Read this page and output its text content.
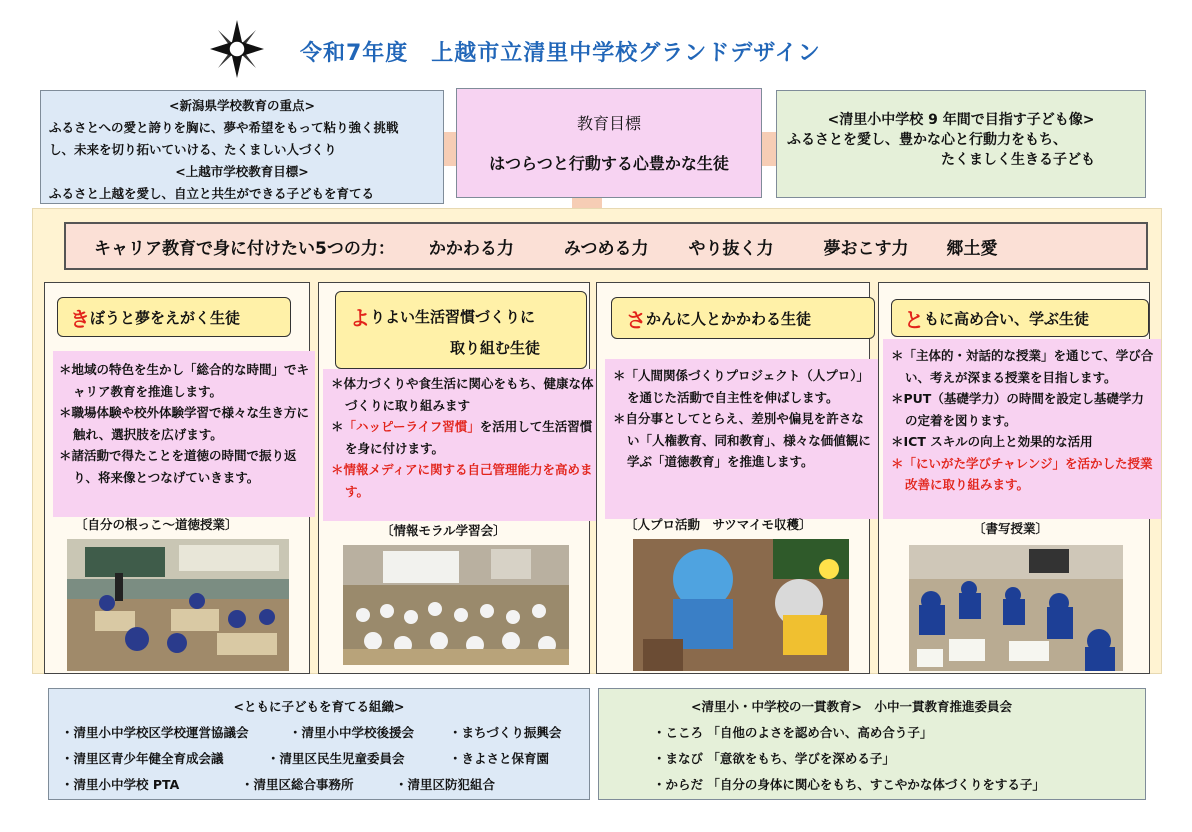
令和7年度　上越市立清里中学校グランドデザイン
<新潟県学校教育の重点>
ふるさとへの愛と誇りを胸に、夢や希望をもって粘り強く挑戦
し、未来を切り拓いていける、たくましい人づくり
<上越市学校教育目標>
ふるさと上越を愛し、自立と共生ができる子どもを育てる
教育目標
はつらつと行動する心豊かな生徒
<清里小中学校 9 年間で目指す子ども像>
ふるさとを愛し、豊かな心と行動力をもち、
たくましく生きる子ども
キャリア教育で身に付けたい5つの力： かかわる力	みつめる力 やり抜く力	夢おこす力 郷土愛
き ぼうと夢をえがく生徒

＊地域の特色を生かし「総合的な時間」でキャリア教育を推進します。

＊職場体験や校外体験学習で様々な生き方に触れ、選択肢を広げます。

＊諸活動で得たことを道徳の時間で振り返り、将来像とつなげていきます。

〔自分の根っこ～道徳授業〕
よ りよい生活習慣づくりに
取り組む生徒

＊体力づくりや食生活に関心をもち、健康な体づくりに取り組みます

＊「ハッピーライフ習慣」を活用して生活習慣を身に付けます。

＊情報メディアに関する自己管理能力を高めます。

〔情報モラル学習会〕
さ かんに人とかかわる生徒

＊「人間関係づくりプロジェクト（人プロ）」を通じた活動で自主性を伸ばします。

＊自分事としてとらえ、差別や偏見を許さない「人権教育、同和教育」、様々な価値観に学ぶ「道徳教育」を推進します。

〔人プロ活動　サツマイモ収穫〕
と もに高め合い、学ぶ生徒

＊「主体的・対話的な授業」を通じて、学び合い、考えが深まる授業を目指します。

＊PUT（基礎学力）の時間を設定し基礎学力の定着を図ります。

＊ICT スキルの向上と効果的な活用

＊「にいがた学びチャレンジ」を活かした授業改善に取り組みます。

〔書写授業〕
<ともに子どもを育てる組織>
・清里小中学校区学校運営協議会	・清里小中学校後援会	・まちづくり振興会
・清里区青少年健全育成会議	・清里区民生児童委員会	・きよさと保育園
・清里小中学校 PTA	・清里区総合事務所	・清里区防犯組合
<清里小・中学校の一貫教育>　小中一貫教育推進委員会
・こころ 「自他のよさを認め合い、高め合う子」
・まなび 「意欲をもち、学びを深める子」
・からだ 「自分の身体に関心をもち、すこやかな体づくりをする子」
